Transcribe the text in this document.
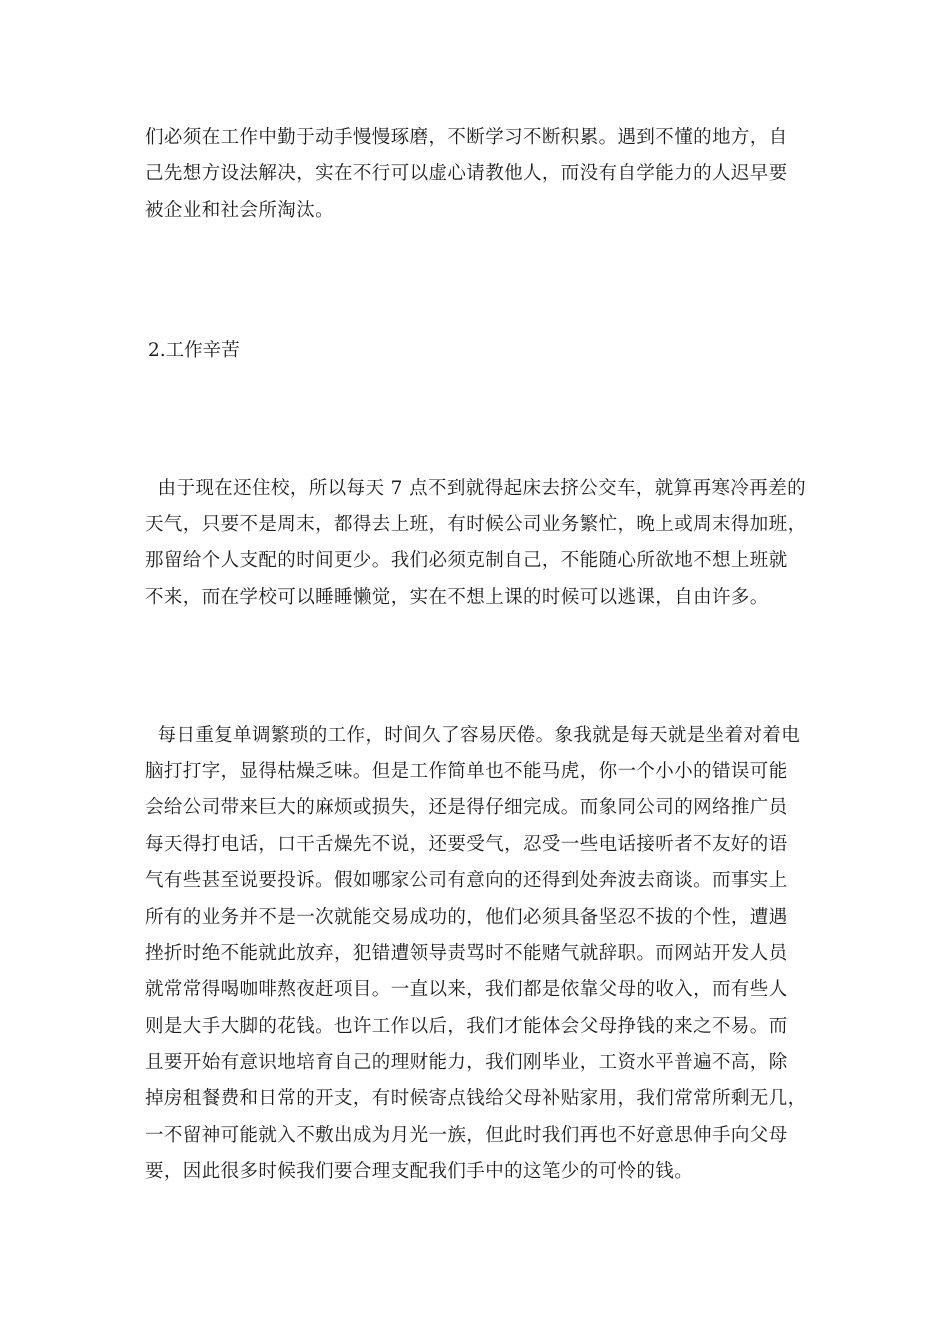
们必须在工作中勤于动手慢慢琢磨，不断学习不断积累。遇到不懂的地方，自
己先想方设法解决，实在不行可以虚心请教他人，而没有自学能力的人迟早要
被企业和社会所淘汰。
2.工作辛苦
由于现在还住校，所以每天 7 点不到就得起床去挤公交车，就算再寒冷再差的
天气，只要不是周末，都得去上班，有时候公司业务繁忙，晚上或周末得加班，
那留给个人支配的时间更少。我们必须克制自己，不能随心所欲地不想上班就
不来，而在学校可以睡睡懒觉，实在不想上课的时候可以逃课，自由许多。
每日重复单调繁琐的工作，时间久了容易厌倦。象我就是每天就是坐着对着电
脑打打字，显得枯燥乏味。但是工作简单也不能马虎，你一个小小的错误可能
会给公司带来巨大的麻烦或损失，还是得仔细完成。而象同公司的网络推广员
每天得打电话，口干舌燥先不说，还要受气，忍受一些电话接听者不友好的语
气有些甚至说要投诉。假如哪家公司有意向的还得到处奔波去商谈。而事实上
所有的业务并不是一次就能交易成功的，他们必须具备坚忍不拔的个性，遭遇
挫折时绝不能就此放弃，犯错遭领导责骂时不能赌气就辞职。而网站开发人员
就常常得喝咖啡熬夜赶项目。一直以来，我们都是依靠父母的收入，而有些人
则是大手大脚的花钱。也许工作以后，我们才能体会父母挣钱的来之不易。而
且要开始有意识地培育自己的理财能力，我们刚毕业，工资水平普遍不高，除
掉房租餐费和日常的开支，有时候寄点钱给父母补贴家用，我们常常所剩无几，
一不留神可能就入不敷出成为月光一族，但此时我们再也不好意思伸手向父母
要，因此很多时候我们要合理支配我们手中的这笔少的可怜的钱。
